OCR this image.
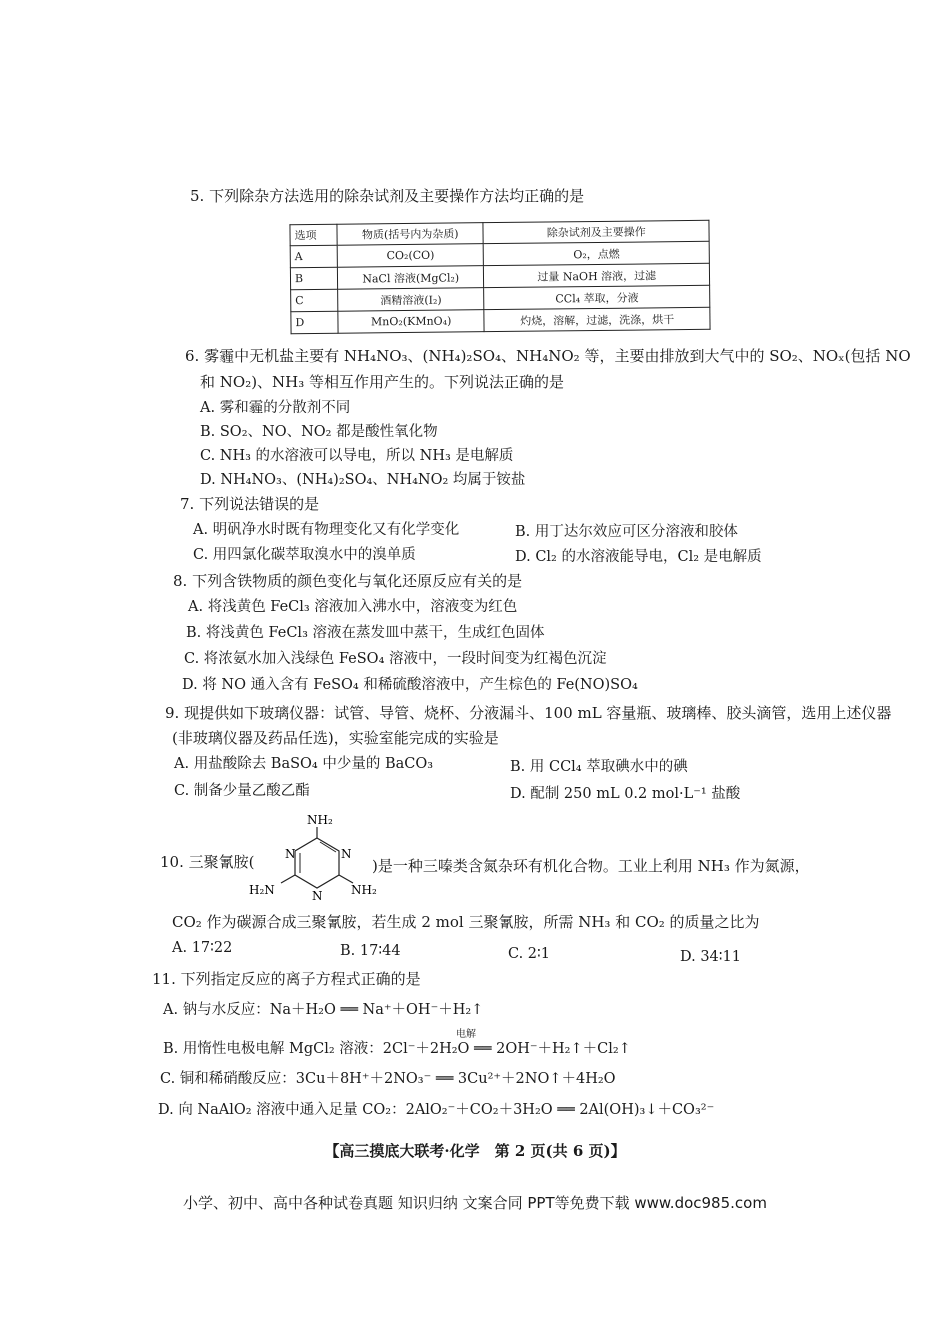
5. 下列除杂方法选用的除杂试剂及主要操作方法均正确的是
选项	物质(括号内为杂质)	除杂试剂及主要操作
A	CO₂(CO)	O₂，点燃
B	NaCl 溶液(MgCl₂)	过量 NaOH 溶液，过滤
C	酒精溶液(I₂)	CCl₄ 萃取，分液
D	MnO₂(KMnO₄)	灼烧，溶解，过滤，洗涤，烘干
6. 雾霾中无机盐主要有 NH₄NO₃、(NH₄)₂SO₄、NH₄NO₂ 等，主要由排放到大气中的 SO₂、NOₓ(包括 NO
和 NO₂)、NH₃ 等相互作用产生的。下列说法正确的是
A. 雾和霾的分散剂不同
B. SO₂、NO、NO₂ 都是酸性氧化物
C. NH₃ 的水溶液可以导电，所以 NH₃ 是电解质
D. NH₄NO₃、(NH₄)₂SO₄、NH₄NO₂ 均属于铵盐
7. 下列说法错误的是
A. 明矾净水时既有物理变化又有化学变化	B. 用丁达尔效应可区分溶液和胶体
C. 用四氯化碳萃取溴水中的溴单质	D. Cl₂ 的水溶液能导电，Cl₂ 是电解质
8. 下列含铁物质的颜色变化与氧化还原反应有关的是
A. 将浅黄色 FeCl₃ 溶液加入沸水中，溶液变为红色
B. 将浅黄色 FeCl₃ 溶液在蒸发皿中蒸干，生成红色固体
C. 将浓氨水加入浅绿色 FeSO₄ 溶液中，一段时间变为红褐色沉淀
D. 将 NO 通入含有 FeSO₄ 和稀硫酸溶液中，产生棕色的 Fe(NO)SO₄
9. 现提供如下玻璃仪器：试管、导管、烧杯、分液漏斗、100 mL 容量瓶、玻璃棒、胶头滴管，选用上述仪器
(非玻璃仪器及药品任选)，实验室能完成的实验是
A. 用盐酸除去 BaSO₄ 中少量的 BaCO₃	B. 用 CCl₄ 萃取碘水中的碘
C. 制备少量乙酸乙酯	D. 配制 250 mL 0.2 mol·L⁻¹ 盐酸
NH₂
N	N
N
H₂N	NH₂
10. 三聚氰胺(	)是一种三嗪类含氮杂环有机化合物。工业上利用 NH₃ 作为氮源，
CO₂ 作为碳源合成三聚氰胺，若生成 2 mol 三聚氰胺，所需 NH₃ 和 CO₂ 的质量之比为
A. 17∶22	B. 17∶44	C. 2∶1	D. 34∶11
11. 下列指定反应的离子方程式正确的是
A. 钠与水反应：Na＋H₂O ══ Na⁺＋OH⁻＋H₂↑
电解
B. 用惰性电极电解 MgCl₂ 溶液：2Cl⁻＋2H₂O ══ 2OH⁻＋H₂↑＋Cl₂↑
C. 铜和稀硝酸反应：3Cu＋8H⁺＋2NO₃⁻ ══ 3Cu²⁺＋2NO↑＋4H₂O
D. 向 NaAlO₂ 溶液中通入足量 CO₂：2AlO₂⁻＋CO₂＋3H₂O ══ 2Al(OH)₃↓＋CO₃²⁻
【高三摸底大联考·化学　第 2 页(共 6 页)】
小学、初中、高中各种试卷真题 知识归纳 文案合同 PPT等免费下载 www.doc985.com
